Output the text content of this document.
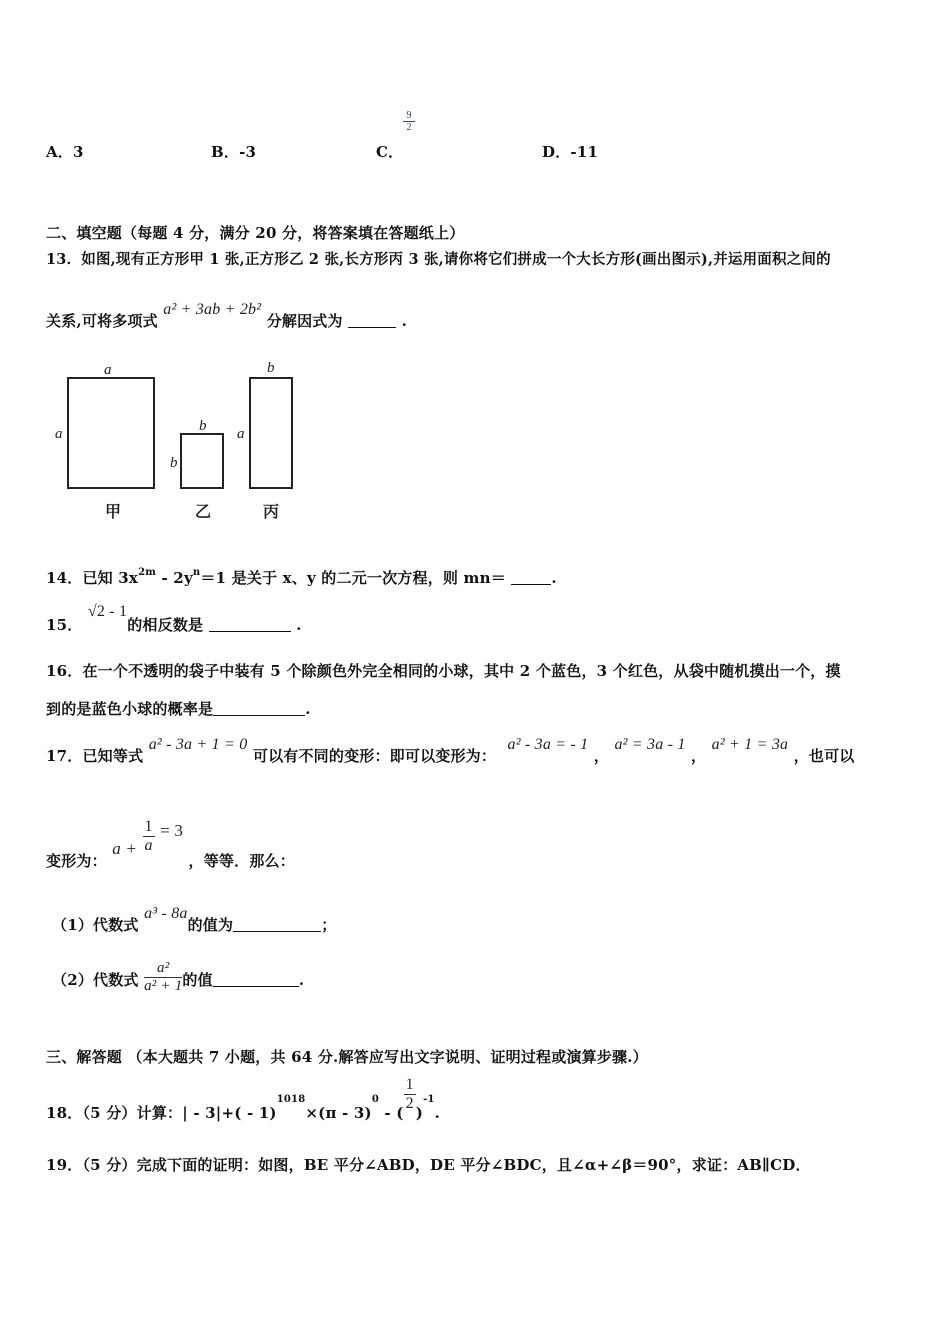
A．3	B．-3	C．
$\frac{9}{2}$
D．-11
二、填空题（每题 4 分，满分 20 分，将答案填在答题纸上）
13．如图,现有正方形甲 1 张,正方形乙 2 张,长方形丙 3 张,请你将它们拼成一个大长方形(画出图示),并运用面积之间的
关系,可将多项式 a² + 3ab + 2b² 分解因式为	.
a
a
甲
b
b
乙
b
a
丙
14．已知 $3x^{2m} - 2y^n=1$ 是关于 x、y 的二元一次方程，则 mn＝	.
15． √2 - 1的相反数是	.
16．在一个不透明的袋子中装有 5 个除颜色外完全相同的小球，其中 2 个蓝色，3 个红色，从袋中随机摸出一个，摸
到的是蓝色小球的概率是	.
17．已知等式 a² - 3a + 1 = 0 可以有不同的变形：即可以变形为： a² - 3a = - 1 ， a² = 3a - 1 ， a² + 1 = 3a ，也可以
变形为： $a + \frac{1}{a} = 3$ ，等等．那么：
（1）代数式 a³ - 8a的值为	；
（2）代数式 $\frac{\text{a²}}{\text{a² + 1}}$ 的值	.
三、解答题 （本大题共 7 小题，共 64 分.解答应写出文字说明、证明过程或演算步骤.）
18．（5 分）计算：| - $3|+( - 1)_{1018}\times(\pi - 3)_0$ - (
$\frac{1}{2}$
)$_{-1}$.
19．（5 分）完成下面的证明：如图，BE 平分∠ABD，DE 平分∠BDC，且∠α+∠β＝90°，求证：AB∥CD．
